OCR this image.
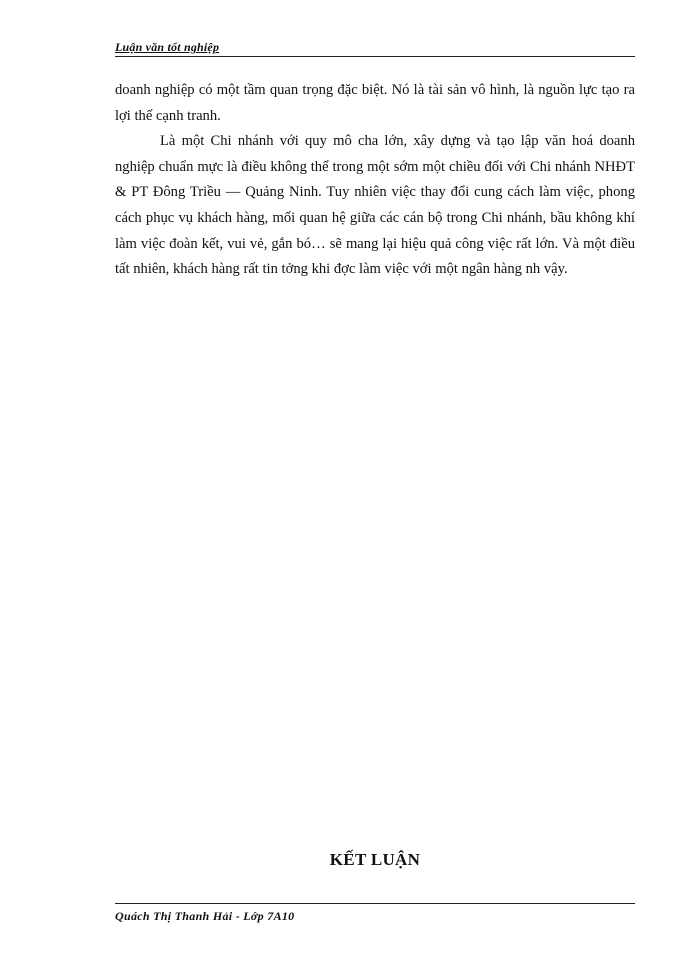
Luận văn tốt nghiệp

doanh nghiệp có một tầm quan trọng đặc biệt. Nó là tài sản vô hình, là nguồn lực tạo ra lợi thế cạnh tranh.

Là một Chi nhánh với quy mô cha lớn, xây dựng và tạo lập văn hoá doanh nghiệp chuẩn mực là điều không thể trong một sớm một chiều đối với Chi nhánh NHĐT & PT Đông Triều — Quảng Ninh. Tuy nhiên việc thay đổi cung cách làm việc, phong cách phục vụ khách hàng, mối quan hệ giữa các cán bộ trong Chi nhánh, bầu không khí làm việc đoàn kết, vui vẻ, gắn bó… sẽ mang lại hiệu quả công việc rất lớn. Và một điều tất nhiên, khách hàng rất tin tởng khi đợc làm việc với một ngân hàng nh vậy.

KẾT LUẬN
Quách Thị Thanh Hải - Lớp 7A10
